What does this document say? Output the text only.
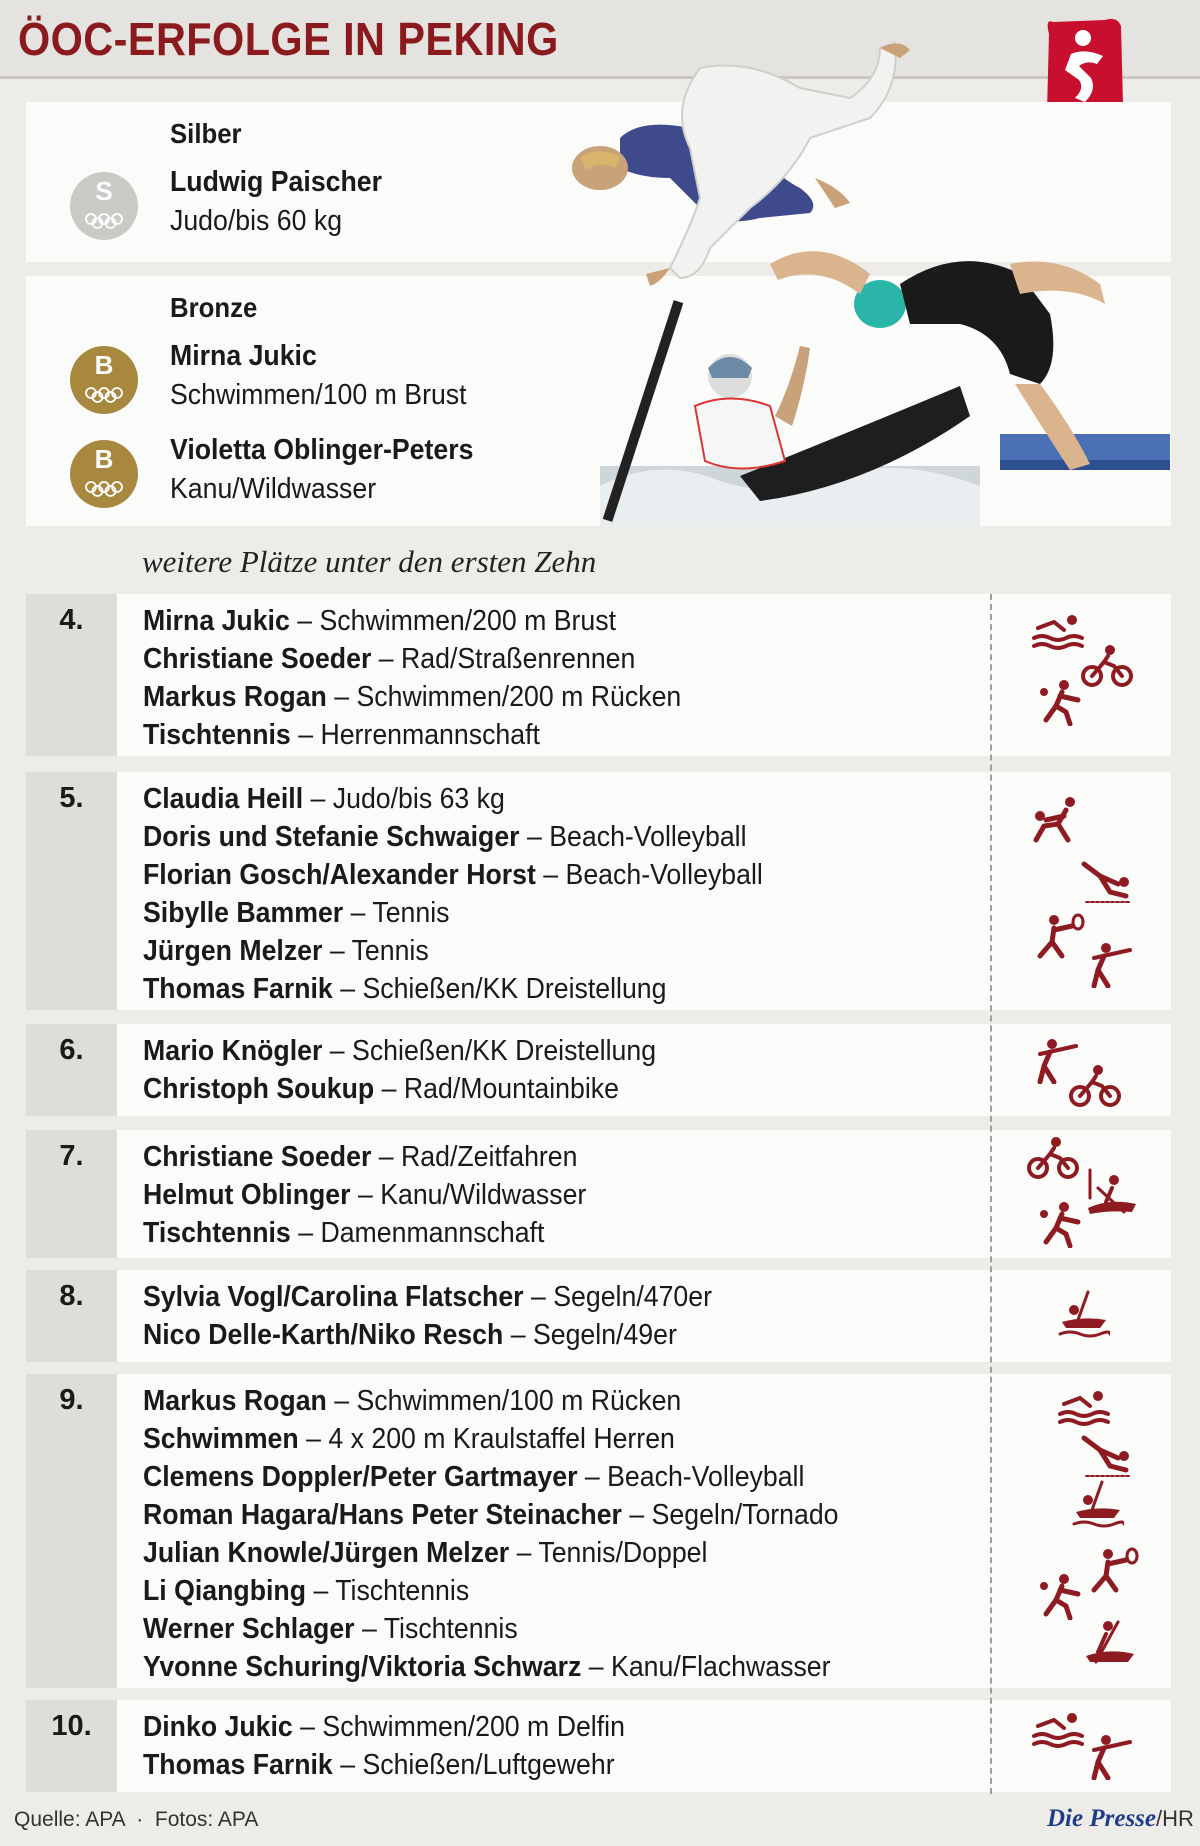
ÖOC-ERFOLGE IN PEKING
Silber
S	Ludwig Paischer
Judo/bis 60 kg
Bronze
B	Mirna Jukic
Schwimmen/100 m Brust
B	Violetta Oblinger-Peters
Kanu/Wildwasser
weitere Plätze unter den ersten Zehn
4.	Mirna Jukic – Schwimmen/200 m Brust
Christiane Soeder – Rad/Straßenrennen
Markus Rogan – Schwimmen/200 m Rücken
Tischtennis – Herrenmannschaft
5.	Claudia Heill – Judo/bis 63 kg
Doris und Stefanie Schwaiger – Beach-Volleyball
Florian Gosch/Alexander Horst – Beach-Volleyball
Sibylle Bammer – Tennis
Jürgen Melzer – Tennis
Thomas Farnik – Schießen/KK Dreistellung
6.	Mario Knögler – Schießen/KK Dreistellung
Christoph Soukup – Rad/Mountainbike
7.	Christiane Soeder – Rad/Zeitfahren
Helmut Oblinger – Kanu/Wildwasser
Tischtennis – Damenmannschaft
8.	Sylvia Vogl/Carolina Flatscher – Segeln/470er
Nico Delle-Karth/Niko Resch – Segeln/49er
9.	Markus Rogan – Schwimmen/100 m Rücken
Schwimmen – 4 x 200 m Kraulstaffel Herren
Clemens Doppler/Peter Gartmayer – Beach-Volleyball
Roman Hagara/Hans Peter Steinacher – Segeln/Tornado
Julian Knowle/Jürgen Melzer – Tennis/Doppel
Li Qiangbing – Tischtennis
Werner Schlager – Tischtennis
Yvonne Schuring/Viktoria Schwarz – Kanu/Flachwasser
10.	Dinko Jukic – Schwimmen/200 m Delfin
Thomas Farnik – Schießen/Luftgewehr
Quelle: APA · Fotos: APA	Die Presse/HR
